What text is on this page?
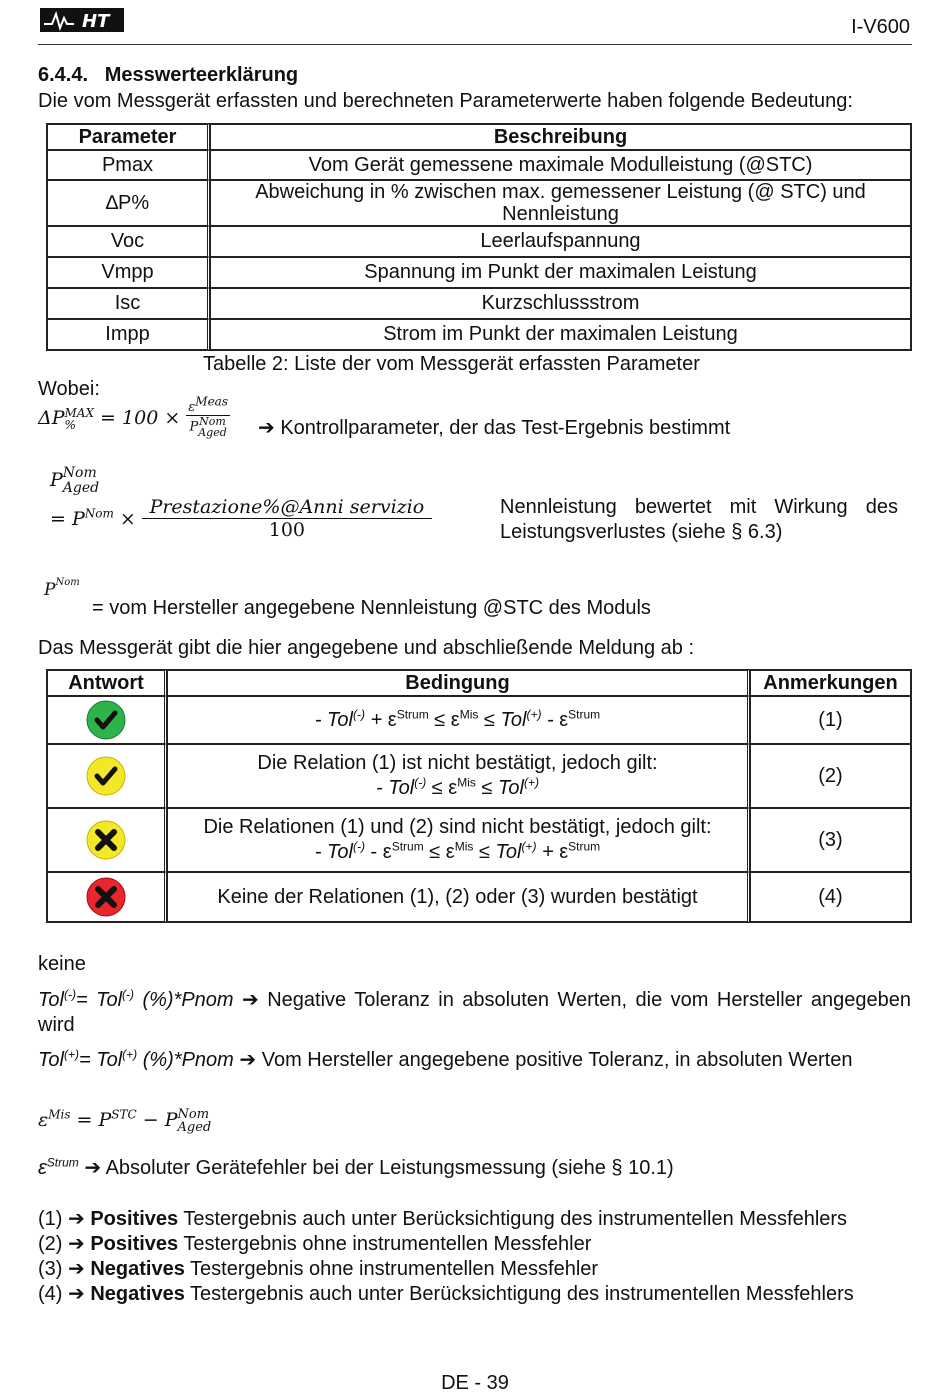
HT	I-V600
6.4.4. Messwerteerklärung
Die vom Messgerät erfassten und berechneten Parameterwerte haben folgende Bedeutung:
Parameter	Beschreibung
Pmax	Vom Gerät gemessene maximale Modulleistung (@STC)
∆P%	Abweichung in % zwischen max. gemessener Leistung (@ STC) und Nennleistung
Voc	Leerlaufspannung
Vmpp	Spannung im Punkt der maximalen Leistung
Isc	Kurzschlussstrom
Impp	Strom im Punkt der maximalen Leistung
Tabelle 2: Liste der vom Messgerät erfassten Parameter
Wobei:
ΔP MAX
% = $100 \times \varepsilon^{Meas}$
P Nom
Aged ➔ Kontrollparameter, der das Test-Ergebnis bestimmt
P Nom
Aged
= $P^{Nom} \times \frac{\text{Prestazione\%@Anni servizio}}{100}$	Nennleistung bewertet mit Wirkung des Leistungsverlustes (siehe § 6.3)
$P^{Nom}$
= vom Hersteller angegebene Nennleistung @STC des Moduls
Das Messgerät gibt die hier angegebene und abschließende Meldung ab :
Antwort	Bedingung	Anmerkungen

	- $Tol^{(-)} + \varepsilon^{Strum} \le \varepsilon^{Mis} \le Tol^{(+)} - \varepsilon^{Strum}$	(1)

Die Relation (1) ist nicht bestätigt, jedoch gilt:
- $Tol^{(-)} \le \varepsilon^{Mis} \le Tol^{(+)}$	(2)

Die Relationen (1) und (2) sind nicht bestätigt, jedoch gilt:
- $Tol^{(-)} - \varepsilon^{Strum} \le \varepsilon^{Mis} \le Tol^{(+)} + \varepsilon^{Strum}$	(3)

	Keine der Relationen (1), (2) oder (3) wurden bestätigt	(4)
keine
Tol(-)= Tol(-) (%)*Pnom ➔ Negative Toleranz in absoluten Werten, die vom Hersteller angegeben wird
Tol(+)= Tol(+) (%)*Pnom ➔ Vom Hersteller angegebene positive Toleranz, in absoluten Werten
$\varepsilon^{Mis} = P^{STC} - P$ Nom
Aged
$\varepsilon^{Strum}$ ➔ Absoluter Gerätefehler bei der Leistungsmessung (siehe § 10.1)
(1) ➔ Positives Testergebnis auch unter Berücksichtigung des instrumentellen Messfehlers
(2) ➔ Positives Testergebnis ohne instrumentellen Messfehler
(3) ➔ Negatives Testergebnis ohne instrumentellen Messfehler
(4) ➔ Negatives Testergebnis auch unter Berücksichtigung des instrumentellen Messfehlers
DE - 39
